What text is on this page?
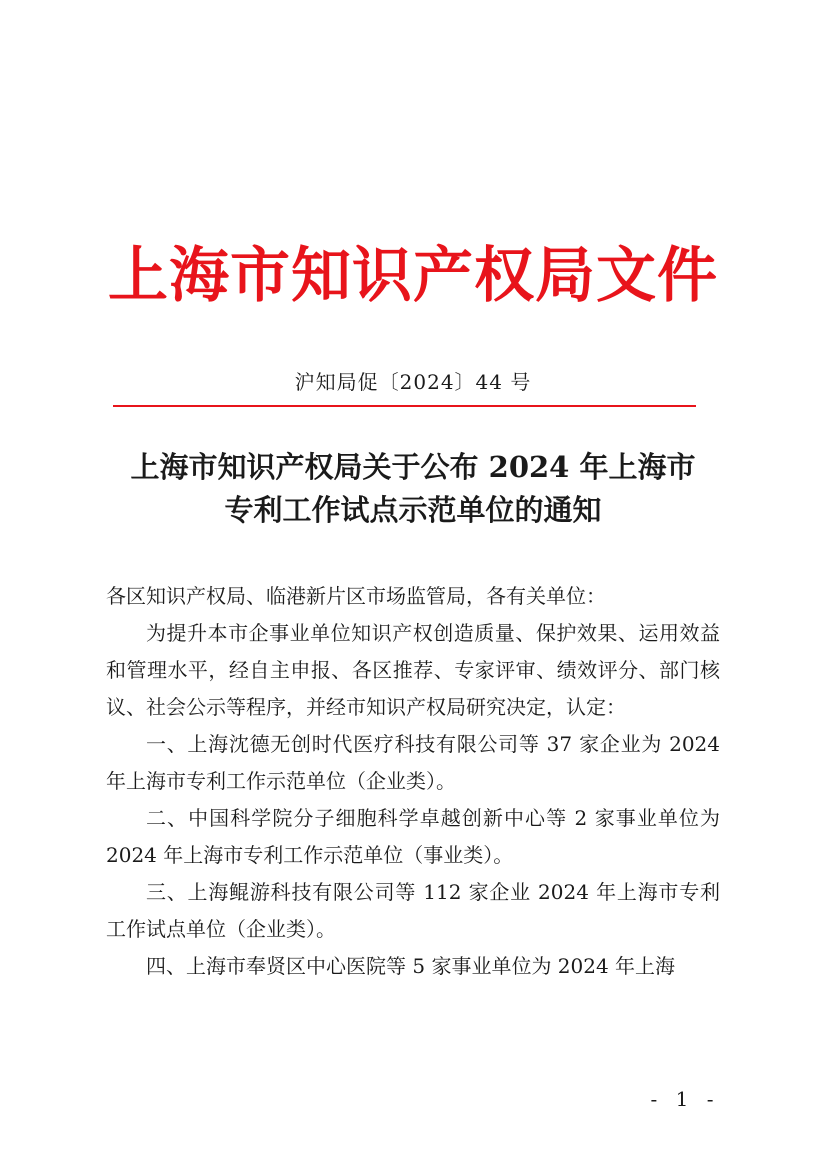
上海市知识产权局文件
沪知局促〔2024〕44 号
上海市知识产权局关于公布 2024 年上海市
专利工作试点示范单位的通知

各区知识产权局、临港新片区市场监管局，各有关单位：

为提升本市企事业单位知识产权创造质量、保护效果、运用效益和管理水平，经自主申报、各区推荐、专家评审、绩效评分、部门核议、社会公示等程序，并经市知识产权局研究决定，认定：

一、上海沈德无创时代医疗科技有限公司等 37 家企业为 2024 年上海市专利工作示范单位（企业类）。

二、中国科学院分子细胞科学卓越创新中心等 2 家事业单位为 2024 年上海市专利工作示范单位（事业类）。

三、上海鲲游科技有限公司等 112 家企业 2024 年上海市专利工作试点单位（企业类）。

四、上海市奉贤区中心医院等 5 家事业单位为 2024 年上海

- 1 -
